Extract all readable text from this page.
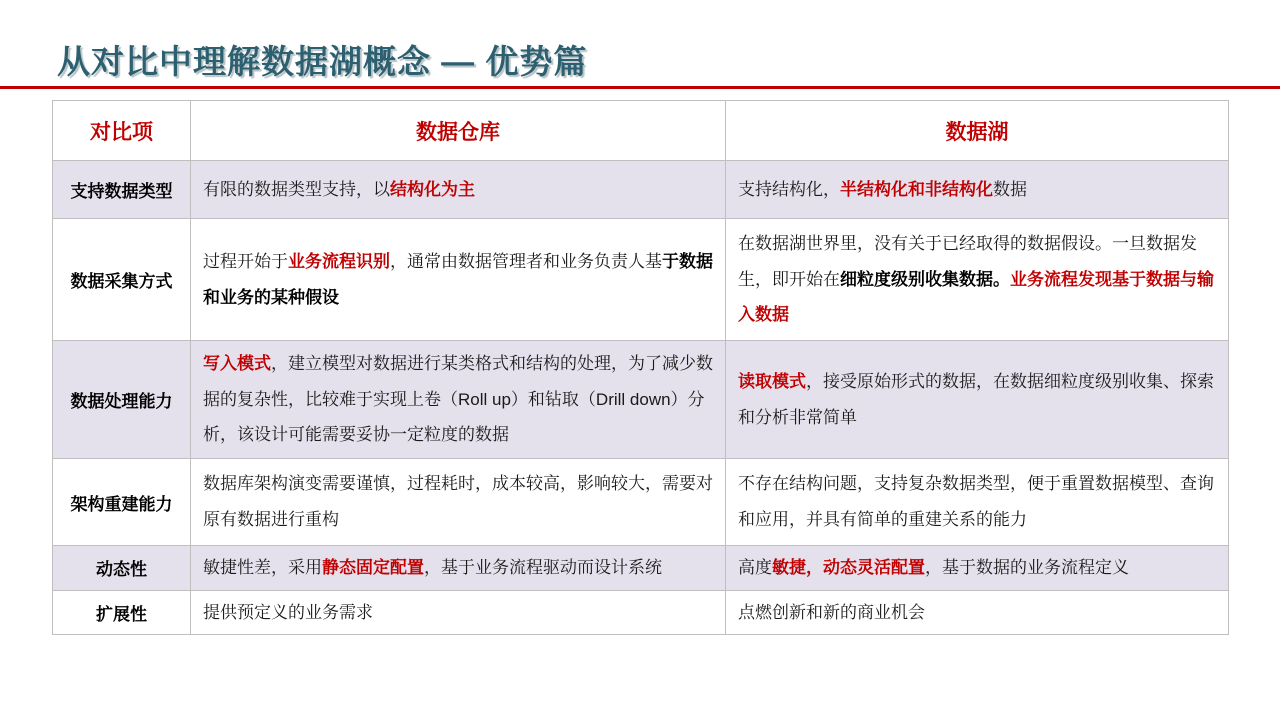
从对比中理解数据湖概念 — 优势篇
对比项	数据仓库	数据湖
支持数据类型	有限的数据类型支持，以结构化为主	支持结构化，半结构化和非结构化数据
数据采集方式	过程开始于业务流程识别，通常由数据管理者和业务负责人基于数据和业务的某种假设	在数据湖世界里，没有关于已经取得的数据假设。一旦数据发生，即开始在细粒度级别收集数据。业务流程发现基于数据与输入数据
数据处理能力	写入模式，建立模型对数据进行某类格式和结构的处理，为了减少数据的复杂性，比较难于实现上卷（Roll up）和钻取（Drill down）分析，该设计可能需要妥协一定粒度的数据	读取模式，接受原始形式的数据，在数据细粒度级别收集、探索和分析非常简单
架构重建能力	数据库架构演变需要谨慎，过程耗时，成本较高，影响较大，需要对原有数据进行重构	不存在结构问题，支持复杂数据类型，便于重置数据模型、查询和应用，并具有简单的重建关系的能力
动态性	敏捷性差，采用静态固定配置，基于业务流程驱动而设计系统	高度敏捷，动态灵活配置，基于数据的业务流程定义
扩展性	提供预定义的业务需求	点燃创新和新的商业机会
